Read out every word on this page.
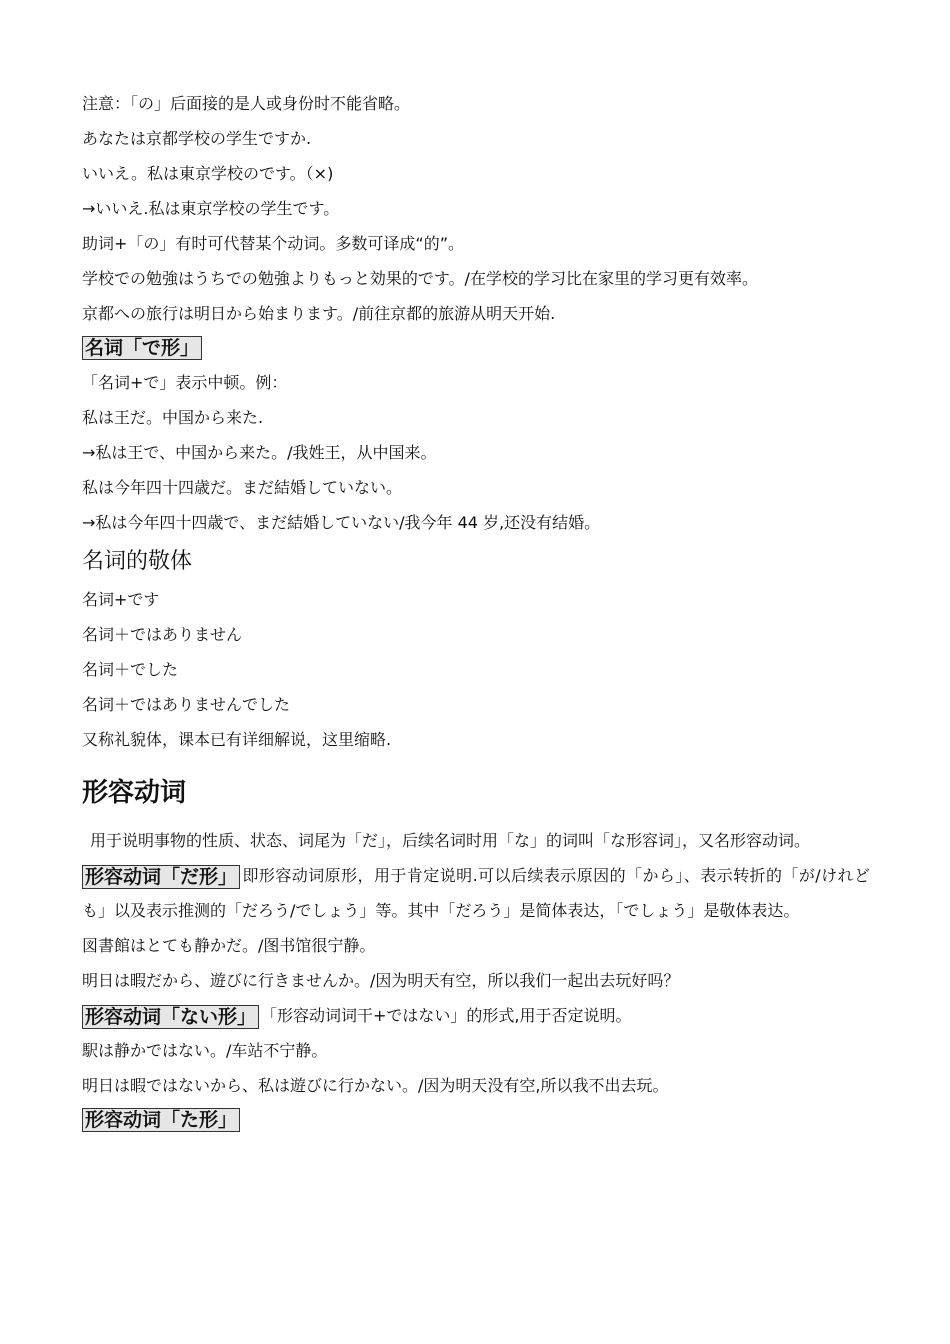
注意：「の」后面接的是人或身份时不能省略。
あなたは京都学校の学生ですか.
いいえ。私は東京学校のです。（×)
→いいえ.私は東京学校の学生です。
助词+「の」有时可代替某个动词。多数可译成“的”。
学校での勉強はうちでの勉強よりもっと効果的です。/在学校的学习比在家里的学习更有效率。
京都への旅行は明日から始まります。/前往京都的旅游从明天开始.
名词「で形」
「名词+で」表示中顿。例：
私は王だ。中国から来た.
→私は王で、中国から来た。/我姓王，从中国来。
私は今年四十四歳だ。まだ結婚していない。
→私は今年四十四歳で、まだ結婚していない/我今年 44 岁,还没有结婚。
名词的敬体
名词+です
名词＋ではありません
名词＋でした
名词＋ではありませんでした
又称礼貌体，课本已有详细解说，这里缩略.
形容动词
用于说明事物的性质、状态、词尾为「だ」，后续名词时用「な」的词叫「な形容词」，又名形容动词。
形容动词「だ形」 即形容动词原形，用于肯定说明.可以后续表示原因的「から」、表示转折的「が/けれども」以及表示推测的「だろう/でしょう」等。其中「だろう」是简体表达，「でしょう」是敬体表达。
図書館はとても静かだ。/图书馆很宁静。
明日は暇だから、遊びに行きませんか。/因为明天有空，所以我们一起出去玩好吗？
形容动词「ない形」 「形容动词词干+ではない」的形式,用于否定说明。
駅は静かではない。/车站不宁静。
明日は暇ではないから、私は遊びに行かない。/因为明天没有空,所以我不出去玩。
形容动词「た形」
